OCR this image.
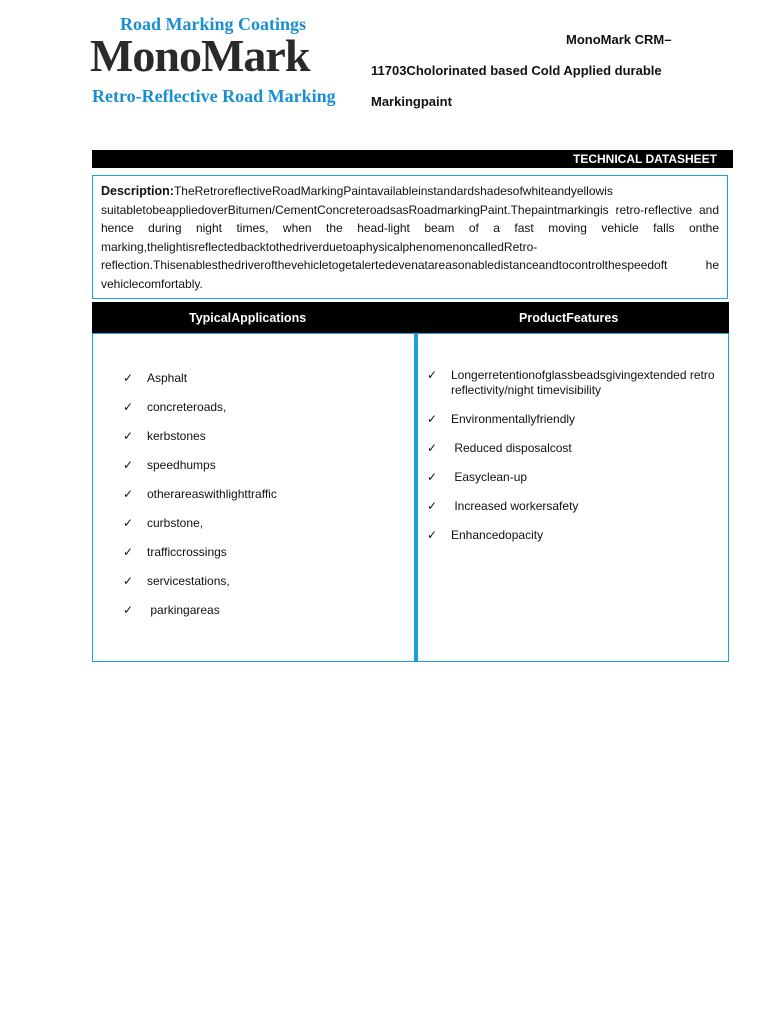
Road Marking Coatings
MonoMark
Retro-Reflective Road Marking
MonoMark CRM–
11703Cholorinated based Cold Applied durable
Markingpaint
TECHNICAL DATASHEET
Description:TheRetroreflectiveRoadMarkingPaintavailableinstandardshadesofwhiteandyellowis suitabletobeappliedoverBitumen/CementConcreteroadsasRoadmarkingPaint.Thepaintmarkingis retro-reflective and hence during night times, when the head-light beam of a fast moving vehicle falls onthe marking,thelightisreflectedbacktothedriverduetoaphysicalphenomenoncalledRetro-reflection.Thisenablesthedriverofthevehicletogetalertedevenatareasonabledistanceandtocontrolthespeedoft he vehiclecomfortably.
TypicalApplications	ProductFeatures
✓ Asphalt
✓ concreteroads,
✓ kerbstones
✓ speedhumps
✓ otherareaswithlighttraffic
✓ curbstone,
✓ trafficcrossings
✓ servicestations,
✓ parkingareas
✓ Longerretentionofglassbeadsgivingextended retro reflectivity/night timevisibility
✓ Environmentallyfriendly
✓ Reduced disposalcost
✓ Easyclean-up
✓ Increased workersafety
✓ Enhancedopacity
